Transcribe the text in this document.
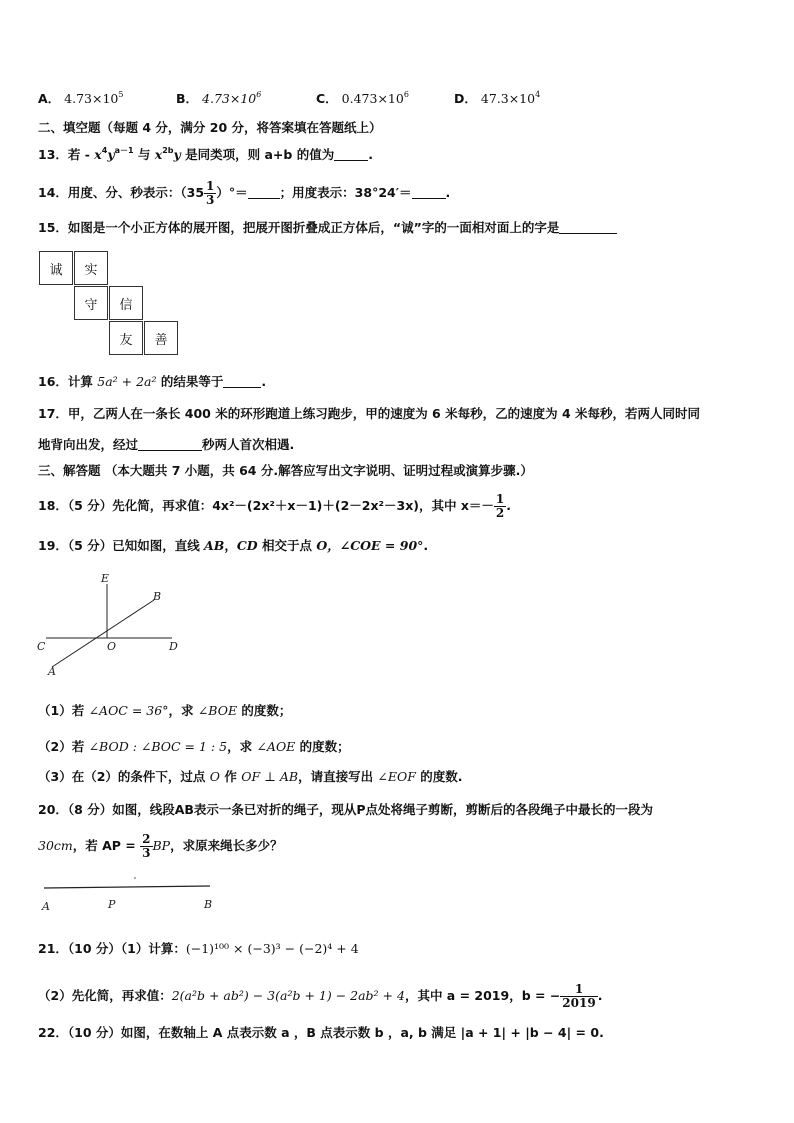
A． $4.73\times 10^5$	B． $4.73\times 10^6$	C． $0.473\times 10^6$	D． $47.3\times 10^4$
二、填空题（每题 4 分，满分 20 分，将答案填在答题纸上）
13．若 - $x^4y^{a-1}$ 与 $x^{2b}y$ 是同类项，则 a+b 的值为	.
14．用度、分、秒表示：（$35 \frac{1}{3}$ ）°＝	；用度表示：38°24′＝	.
15．如图是一个小正方体的展开图，把展开图折叠成正方体后，“诚”字的一面相对面上的字是
诚	实
守	信
友	善
16．计算 5a² + 2a² 的结果等于	.
17．甲，乙两人在一条长 400 米的环形跑道上练习跑步，甲的速度为 6 米每秒，乙的速度为 4 米每秒，若两人同时同
地背向出发，经过	秒两人首次相遇.
三、解答题 （本大题共 7 小题，共 64 分.解答应写出文字说明、证明过程或演算步骤.）
18．（5 分）先化简，再求值：4x²－(2x²＋x－1)＋(2－2x²－3x)，其中 $x=- \frac{1}{2}$ .
19．（5 分）已知如图，直线 AB，CD 相交于点 O，∠COE = 90°.
E
B
C	O	D
A
（1）若 ∠AOC = 36°，求 ∠BOE 的度数；
（2）若 ∠BOD : ∠BOC = 1 : 5，求 ∠AOE 的度数；
（3）在（2）的条件下，过点 O 作 OF ⊥ AB，请直接写出 ∠EOF 的度数.
20．（8 分）如图，线段AB表示一条已对折的绳子，现从P点处将绳子剪断，剪断后的各段绳子中最长的一段为
30cm，若 AP = $\frac{2}{3}$ BP，求原来绳长多少？
A	P	B
21．（10 分）（1）计算：(−1)¹⁰⁰ × (−3)³ − (−2)⁴ + 4
（2）先化简，再求值：2(a²b + ab²) − 3(a²b + 1) − 2ab² + 4，其中 a = 2019，b = − $\frac{1}{2019}$ .
22．（10 分）如图，在数轴上 A 点表示数 a ，B 点表示数 b ，a, b 满足 |a + 1| + |b − 4| = 0.
